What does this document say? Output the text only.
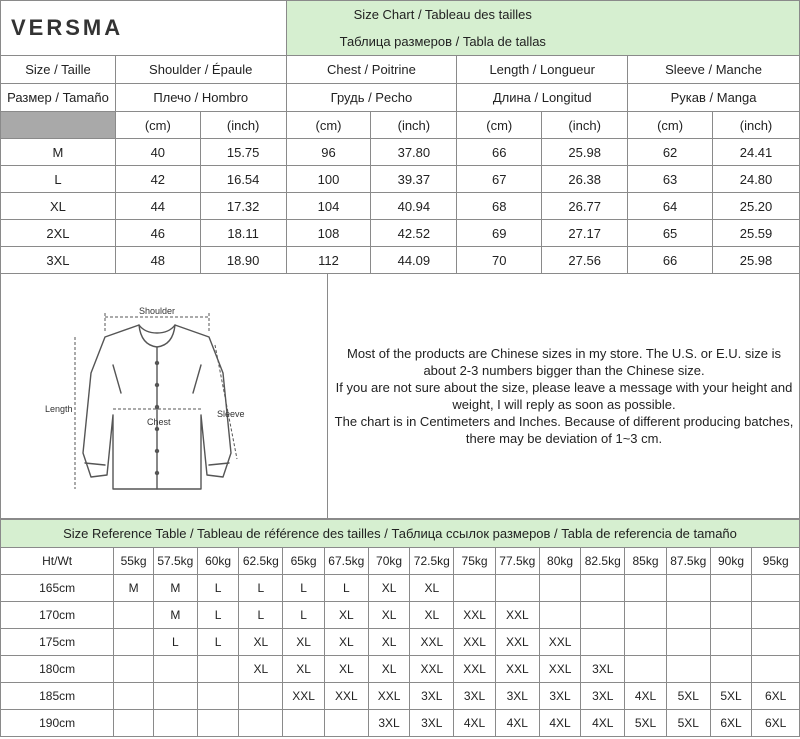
VERSMA			Size Chart / Tableau des tailles					
			Таблица размеров / Tabla de tallas					
Size / Taille	Shoulder / Épaule		Chest / Poitrine		Length / Longueur		Sleeve / Manche	
Размер / Tamaño	Плечо / Hombro		Грудь / Pecho		Длина / Longitud		Рукав / Manga	
	(cm)	(inch)	(cm)	(inch)	(cm)	(inch)	(cm)	(inch)
M	40	15.75	96	37.80	66	25.98	62	24.41
L	42	16.54	100	39.37	67	26.38	63	24.80
XL	44	17.32	104	40.94	68	26.77	64	25.20
2XL	46	18.11	108	42.52	69	27.17	65	25.59
3XL	48	18.90	112	44.09	70	27.56	66	25.98
Shoulder
Length
Chest
Sleeve

Most of the products are Chinese sizes in my store. The U.S. or E.U. size is about 2-3 numbers bigger than the Chinese size.

If you are not sure about the size, please leave a message with your height and weight, I will reply as soon as possible.

The chart is in Centimeters and Inches. Because of different producing batches, there may be deviation of 1~3 cm.

Size Reference Table / Tableau de référence des tailles / Таблица ссылок размеров / Tabla de referencia de tamaño																
Ht/Wt	55kg	57.5kg	60kg	62.5kg	65kg	67.5kg	70kg	72.5kg	75kg	77.5kg	80kg	82.5kg	85kg	87.5kg	90kg	95kg
165cm	M	M	L	L	L	L	XL	XL								
170cm		M	L	L	L	XL	XL	XL	XXL	XXL						
175cm		L	L	XL	XL	XL	XL	XXL	XXL	XXL	XXL					
180cm				XL	XL	XL	XL	XXL	XXL	XXL	XXL	3XL				
185cm					XXL	XXL	XXL	3XL	3XL	3XL	3XL	3XL	4XL	5XL	5XL	6XL
190cm							3XL	3XL	4XL	4XL	4XL	4XL	5XL	5XL	6XL	6XL
